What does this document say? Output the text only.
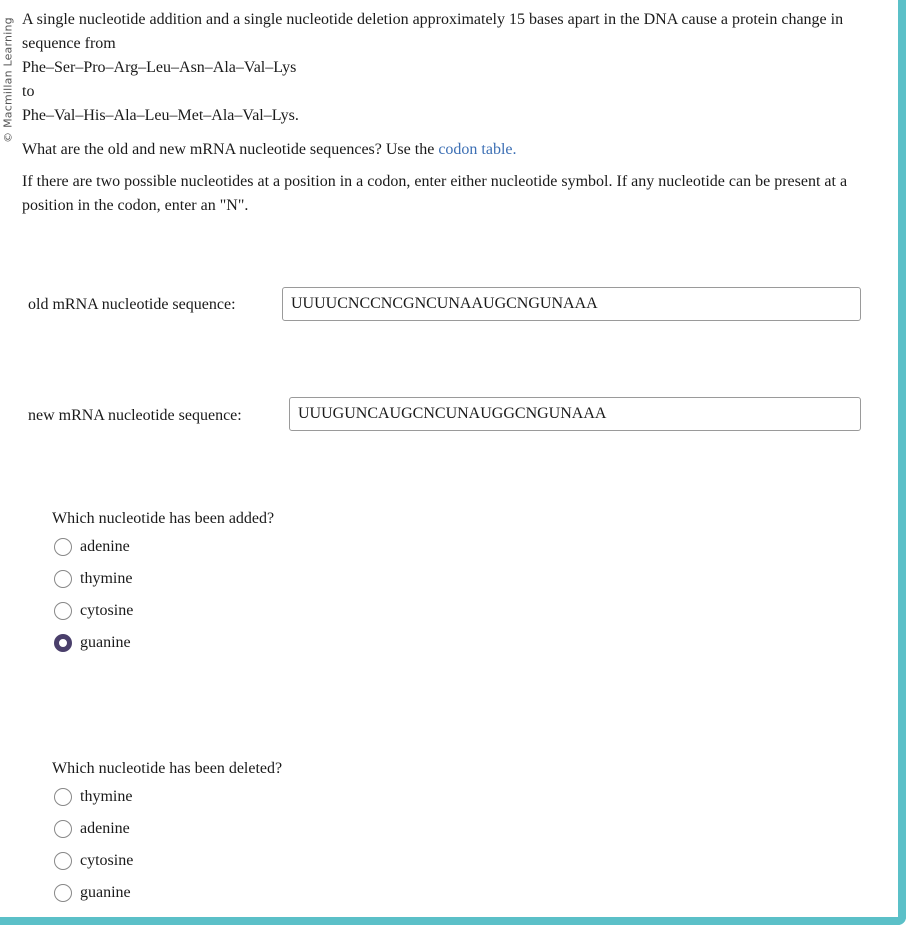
© Macmillan Learning A single nucleotide addition and a single nucleotide deletion approximately 15 bases apart in the DNA cause a protein change in

sequence from

Phe–Ser–Pro–Arg–Leu–Asn–Ala–Val–Lys

to

Phe–Val–His–Ala–Leu–Met–Ala–Val–Lys.

What are the old and new mRNA nucleotide sequences? Use the codon table.

If there are two possible nucleotides at a position in a codon, enter either nucleotide symbol. If any nucleotide can be present at a position in the codon, enter an "N".
old mRNA nucleotide sequence:	UUUUCNCCNCGNCUNAAUGCNGUNAAA
new mRNA nucleotide sequence:	UUUGUNCAUGCNCUNAUGGCNGUNAAA
Which nucleotide has been added?
adenine
thymine
cytosine
guanine
Which nucleotide has been deleted?
thymine
adenine
cytosine
guanine
